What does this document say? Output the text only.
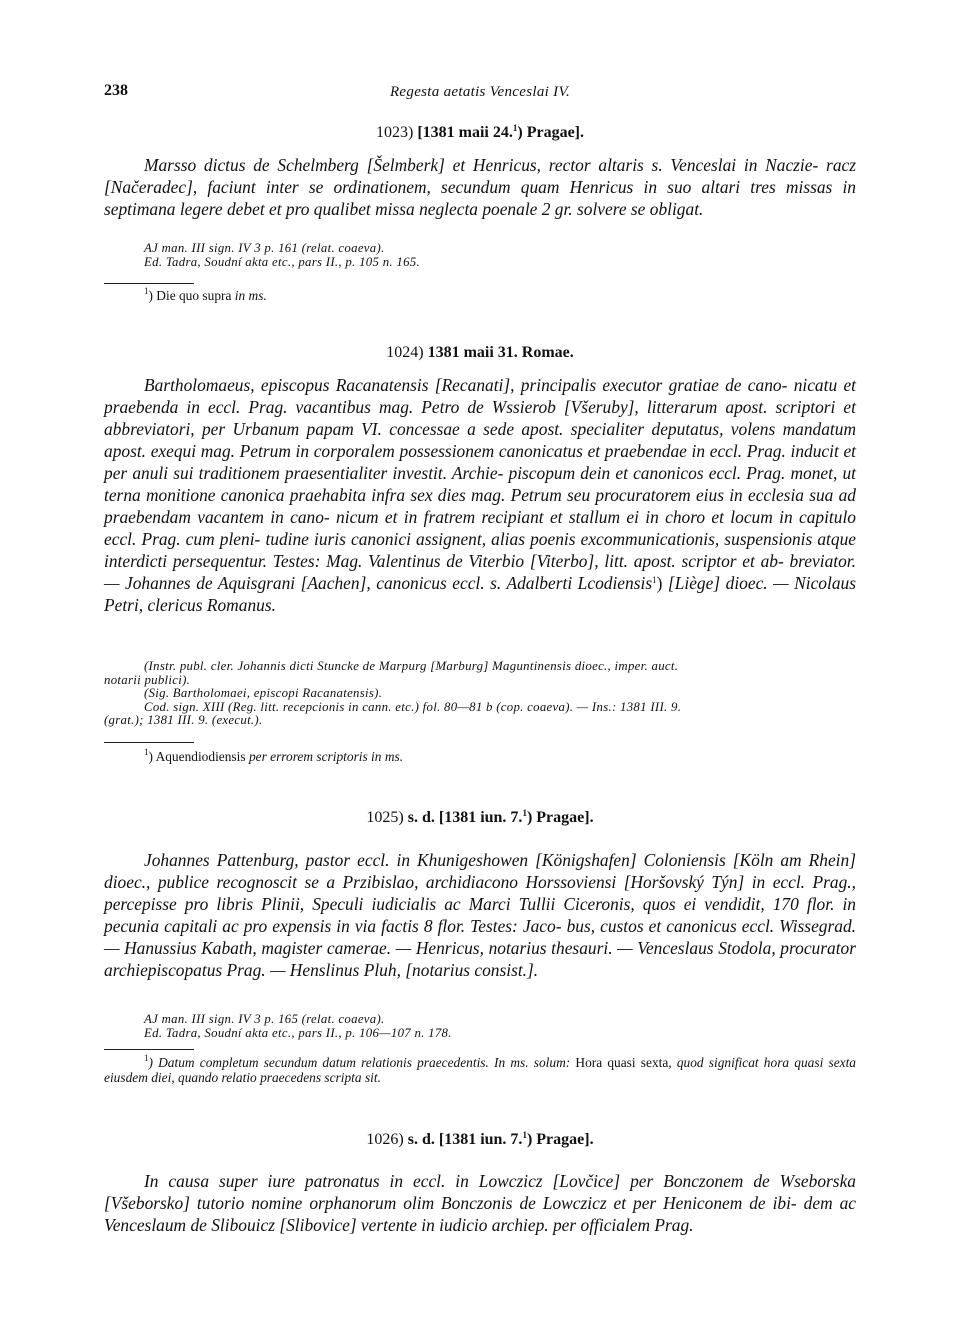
238	Regesta aetatis Venceslai IV.
1023) [1381 maii 24.$^1$) Pragae].
Marsso dictus de Schelmberg [Šelmberk] et Henricus, rector altaris s. Venceslai in Naczie- racz [Načeradec], faciunt inter se ordinationem, secundum quam Henricus in suo altari tres missas in septimana legere debet et pro qualibet missa neglecta poenale 2 gr. solvere se obligat.
AJ man. III sign. IV 3 p. 161 (relat. coaeva).
Ed. Tadra, Soudní akta etc., pars II., p. 105 n. 165.
$^1$) Die quo supra in ms.
1024) 1381 maii 31. Romae.
Bartholomaeus, episcopus Racanatensis [Recanati], principalis executor gratiae de cano- nicatu et praebenda in eccl. Prag. vacantibus mag. Petro de Wssierob [Všeruby], litterarum apost. scriptori et abbreviatori, per Urbanum papam VI. concessae a sede apost. specialiter deputatus, volens mandatum apost. exequi mag. Petrum in corporalem possessionem canonicatus et praebendae in eccl. Prag. inducit et per anuli sui traditionem praesentialiter investit. Archie- piscopum dein et canonicos eccl. Prag. monet, ut terna monitione canonica praehabita infra sex dies mag. Petrum seu procuratorem eius in ecclesia sua ad praebendam vacantem in cano- nicum et in fratrem recipiant et stallum ei in choro et locum in capitulo eccl. Prag. cum pleni- tudine iuris canonici assignent, alias poenis excommunicationis, suspensionis atque interdicti persequentur. Testes: Mag. Valentinus de Viterbio [Viterbo], litt. apost. scriptor et ab- breviator. — Johannes de Aquisgrani [Aachen], canonicus eccl. s. Adalberti Lcodiensis$^1$) [Liège] dioec. — Nicolaus Petri, clericus Romanus.
(Instr. publ. cler. Johannis dicti Stuncke de Marpurg [Marburg] Maguntinensis dioec., imper. auct.
notarii publici).
(Sig. Bartholomaei, episcopi Racanatensis).
Cod. sign. XIII (Reg. litt. recepcionis in cann. etc.) fol. 80—81 b (cop. coaeva). — Ins.: 1381 III. 9.
(grat.); 1381 III. 9. (execut.).
$^1$) Aquendiodiensis per errorem scriptoris in ms.
1025) s. d. [1381 iun. 7.$^1$) Pragae].
Johannes Pattenburg, pastor eccl. in Khunigeshowen [Königshafen] Coloniensis [Köln am Rhein] dioec., publice recognoscit se a Przibislao, archidiacono Horssoviensi [Horšovský Týn] in eccl. Prag., percepisse pro libris Plinii, Speculi iudicialis ac Marci Tullii Ciceronis, quos ei vendidit, 170 flor. in pecunia capitali ac pro expensis in via factis 8 flor. Testes: Jaco- bus, custos et canonicus eccl. Wissegrad. — Hanussius Kabath, magister camerae. — Henricus, notarius thesauri. — Venceslaus Stodola, procurator archiepiscopatus Prag. — Henslinus Pluh, [notarius consist.].
AJ man. III sign. IV 3 p. 165 (relat. coaeva).
Ed. Tadra, Soudní akta etc., pars II., p. 106—107 n. 178.
$^1$) Datum completum secundum datum relationis praecedentis. In ms. solum: Hora quasi sexta, quod significat hora quasi sexta eiusdem diei, quando relatio praecedens scripta sit.
1026) s. d. [1381 iun. 7.$^1$) Pragae].
In causa super iure patronatus in eccl. in Lowczicz [Lovčice] per Bonczonem de Wseborska [Všeborsko] tutorio nomine orphanorum olim Bonczonis de Lowczicz et per Heniconem de ibi- dem ac Venceslaum de Slibouicz [Slibovice] vertente in iudicio archiep. per officialem Prag.
